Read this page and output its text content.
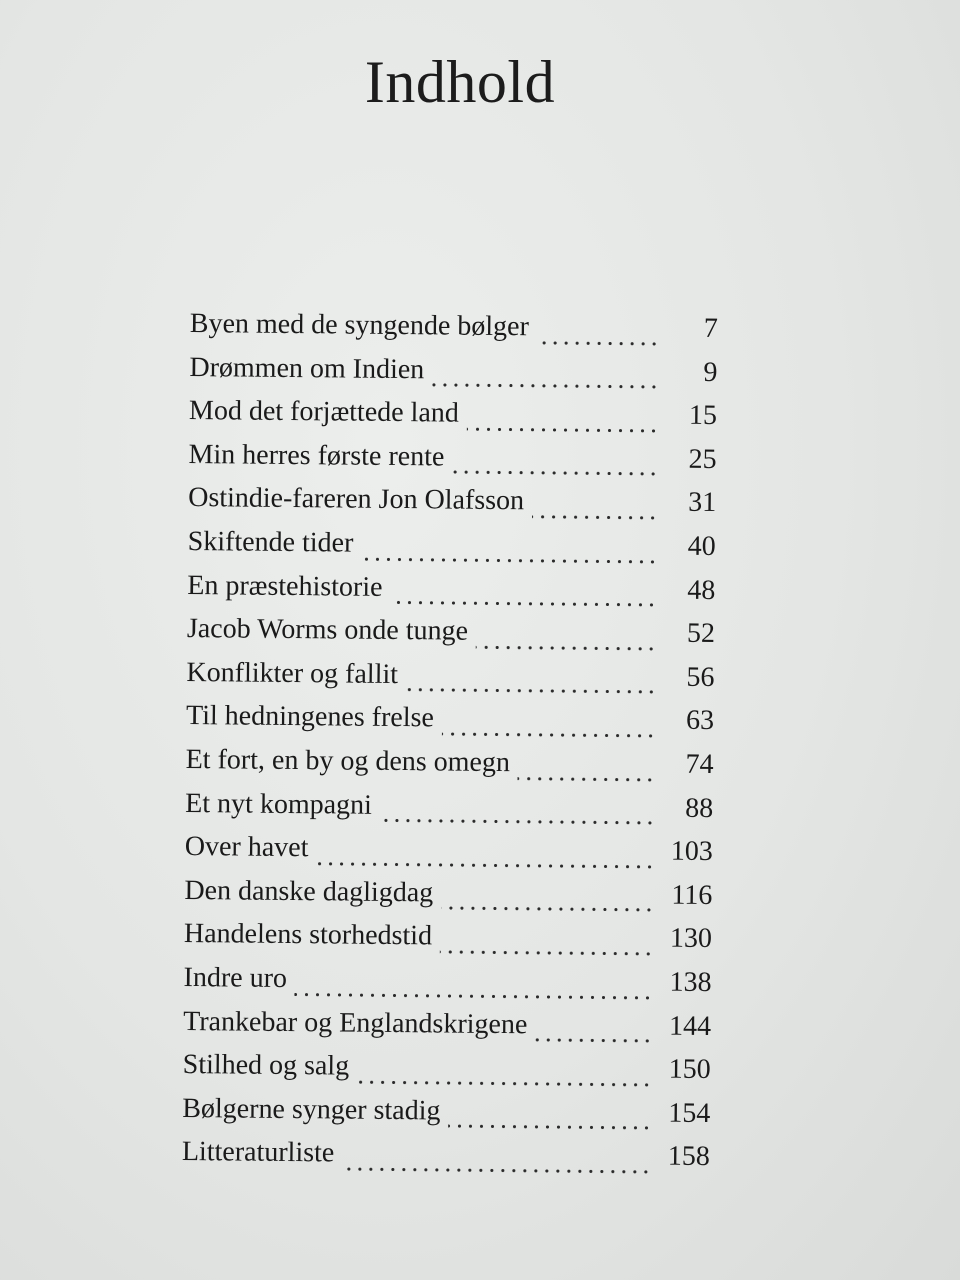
Indhold
Byen med de syngende bølger	7
Drømmen om Indien	9
Mod det forjættede land	15
Min herres første rente	25
Ostindie-fareren Jon Olafsson	31
Skiftende tider	40
En præstehistorie	48
Jacob Worms onde tunge	52
Konflikter og fallit	56
Til hedningenes frelse	63
Et fort, en by og dens omegn	74
Et nyt kompagni	88
Over havet	103
Den danske dagligdag	116
Handelens storhedstid	130
Indre uro	138
Trankebar og Englandskrigene	144
Stilhed og salg	150
Bølgerne synger stadig	154
Litteraturliste	158
